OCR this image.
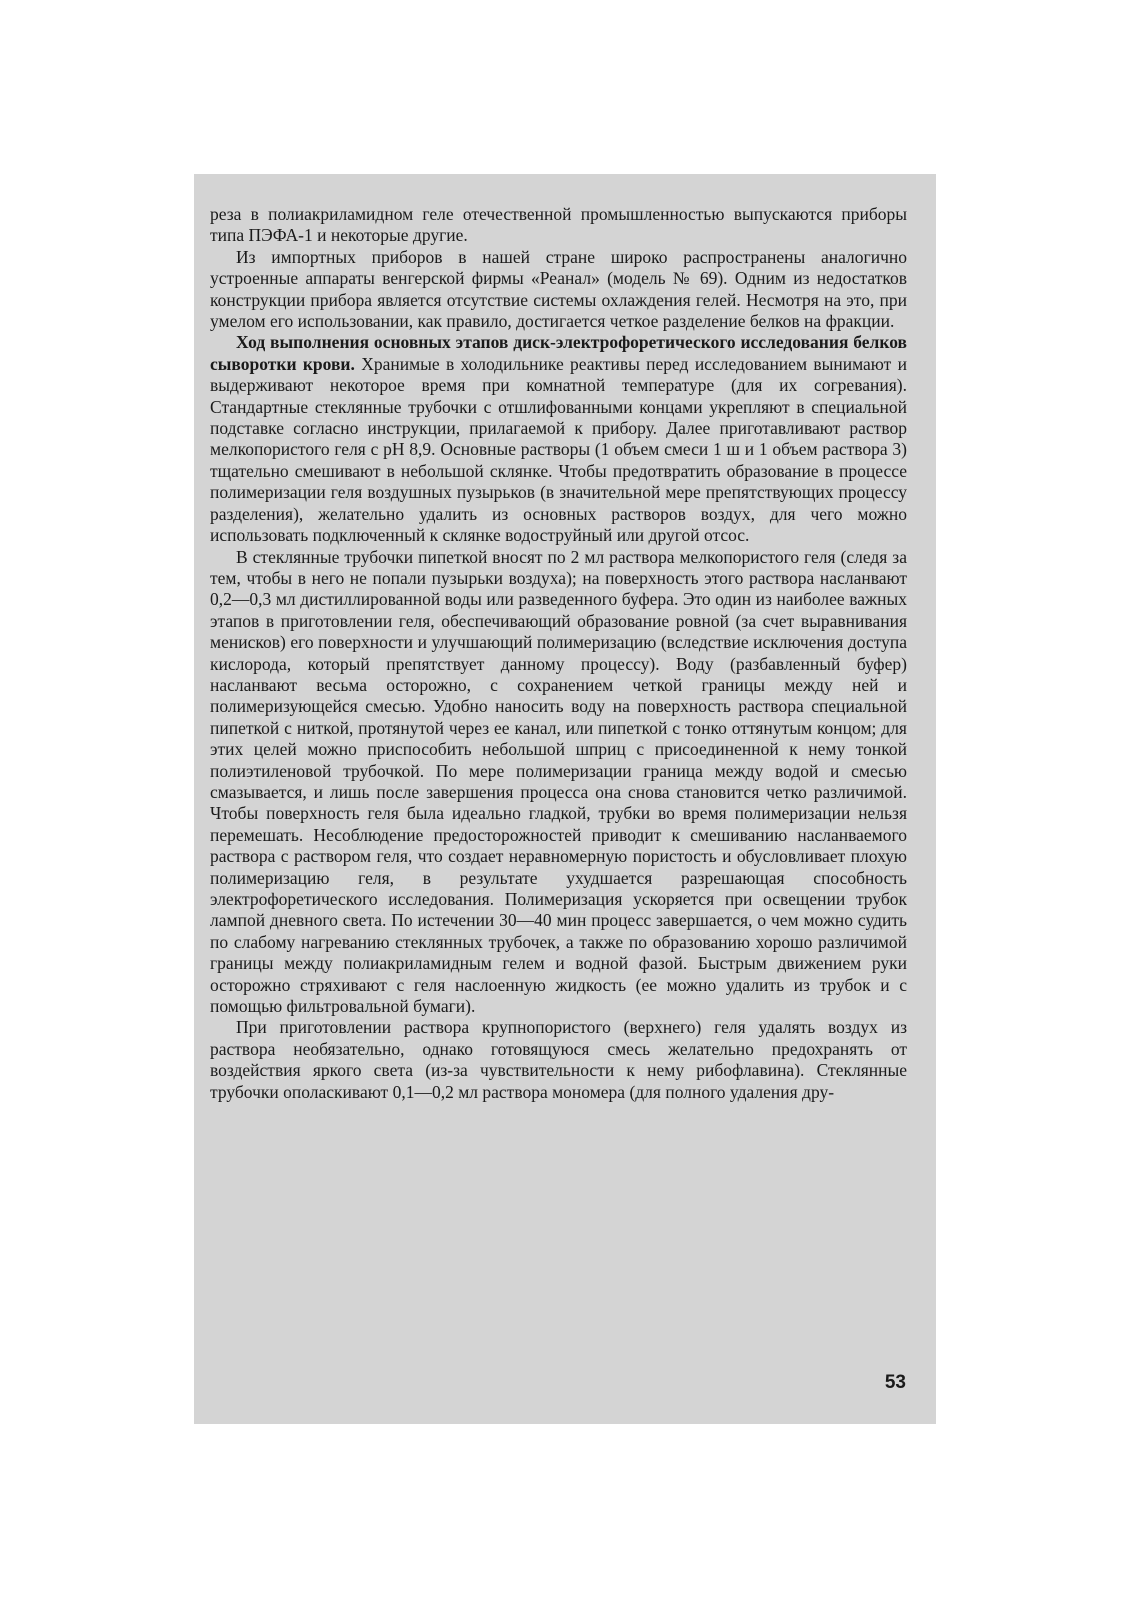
реза в полиакриламидном геле отечественной промышленностью выпускаются приборы типа ПЭФА-1 и некоторые другие.

Из импортных приборов в нашей стране широко распространены аналогично устроенные аппараты венгерской фирмы «Реанал» (модель № 69). Одним из недостатков конструкции прибора является отсутствие системы охлаждения гелей. Несмотря на это, при умелом его использовании, как правило, достигается четкое разделение белков на фракции.

Ход выполнения основных этапов диск-электрофоретического исследования белков сыворотки крови. Хранимые в холодильнике реактивы перед исследованием вынимают и выдерживают некоторое время при комнатной температуре (для их согревания). Стандартные стеклянные трубочки с отшлифованными концами укрепляют в специальной подставке согласно инструкции, прилагаемой к прибору. Далее приготавливают раствор мелкопористого геля с pH 8,9. Основные растворы (1 объем смеси 1 ш и 1 объем раствора 3) тщательно смешивают в небольшой склянке. Чтобы предотвратить образование в процессе полимеризации геля воздушных пузырьков (в значительной мере препятствующих процессу разделения), желательно удалить из основных растворов воздух, для чего можно использовать подключенный к склянке водоструйный или другой отсос.

В стеклянные трубочки пипеткой вносят по 2 мл раствора мелкопористого геля (следя за тем, чтобы в него не попали пузырьки воздуха); на поверхность этого раствора насланвают 0,2—0,3 мл дистиллированной воды или разведенного буфера. Это один из наиболее важных этапов в приготовлении геля, обеспечивающий образование ровной (за счет выравнивания менисков) его поверхности и улучшающий полимеризацию (вследствие исключения доступа кислорода, который препятствует данному процессу). Воду (разбавленный буфер) насланвают весьма осторожно, с сохранением четкой границы между ней и полимеризующейся смесью. Удобно наносить воду на поверхность раствора специальной пипеткой с ниткой, протянутой через ее канал, или пипеткой с тонко оттянутым концом; для этих целей можно приспособить небольшой шприц с присоединенной к нему тонкой полиэтиленовой трубочкой. По мере полимеризации граница между водой и смесью смазывается, и лишь после завершения процесса она снова становится четко различимой. Чтобы поверхность геля была идеально гладкой, трубки во время полимеризации нельзя перемешать. Несоблюдение предосторожностей приводит к смешиванию насланваемого раствора с раствором геля, что создает неравномерную пористость и обусловливает плохую полимеризацию геля, в результате ухудшается разрешающая способность электрофоретического исследования. Полимеризация ускоряется при освещении трубок лампой дневного света. По истечении 30—40 мин процесс завершается, о чем можно судить по слабому нагреванию стеклянных трубочек, а также по образованию хорошо различимой границы между полиакриламидным гелем и водной фазой. Быстрым движением руки осторожно стряхивают с геля наслоенную жидкость (ее можно удалить из трубок и с помощью фильтровальной бумаги).

При приготовлении раствора крупнопористого (верхнего) геля удалять воздух из раствора необязательно, однако готовящуюся смесь желательно предохранять от воздействия яркого света (из-за чувствительности к нему рибофлавина). Стеклянные трубочки ополаскивают 0,1—0,2 мл раствора мономера (для полного удаления дру-

53
